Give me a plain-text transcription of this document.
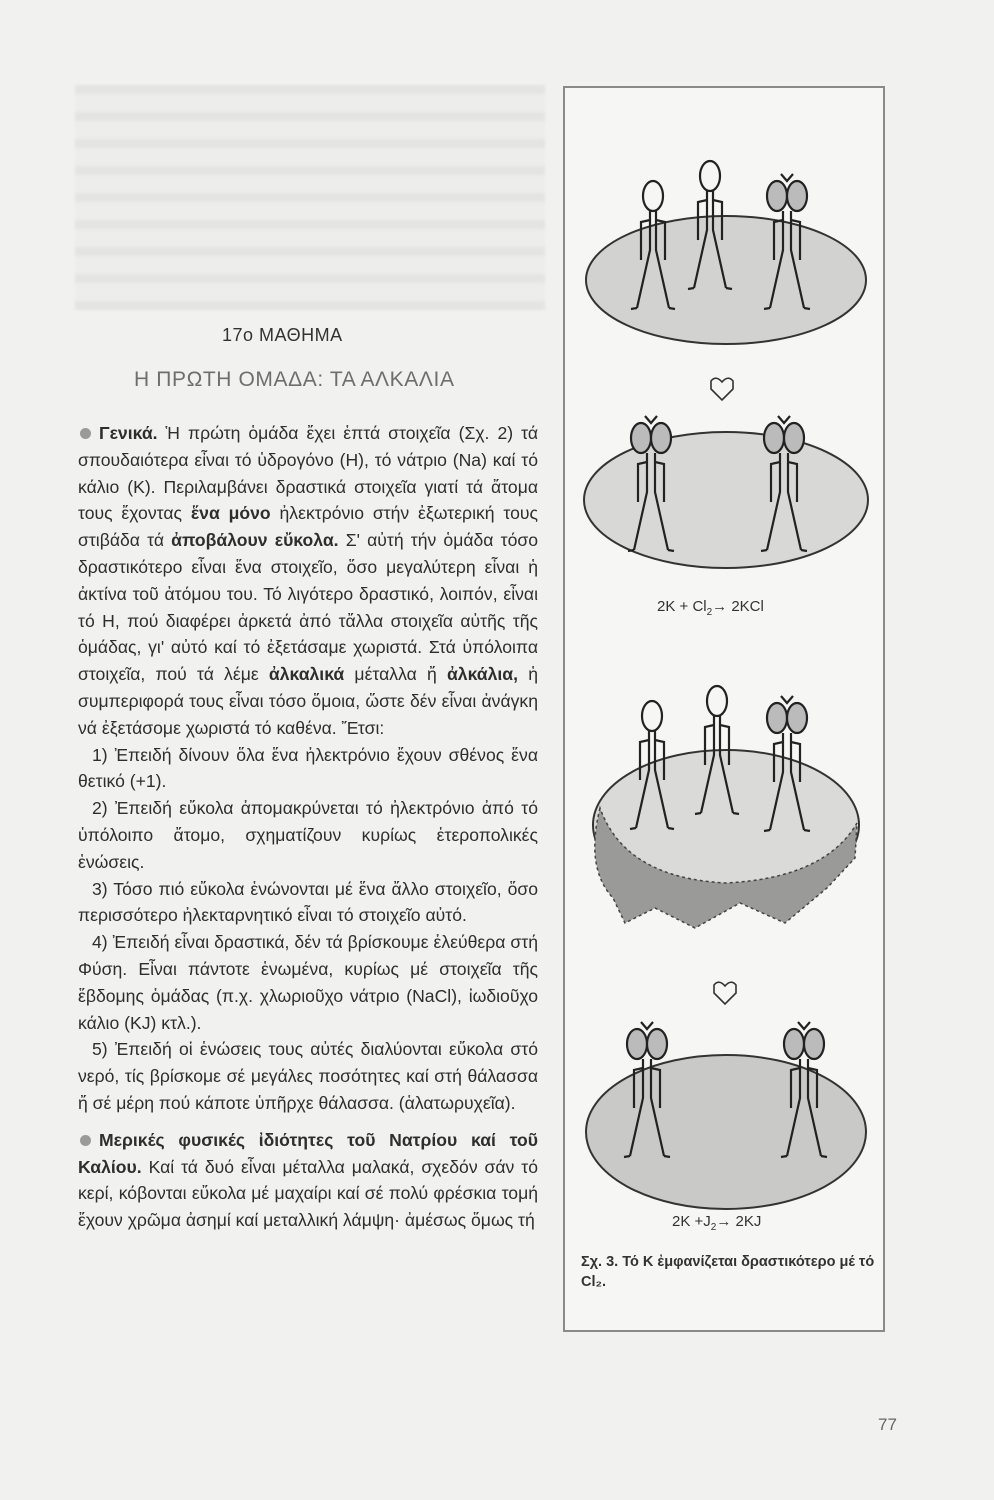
17ο ΜΑΘΗΜΑ
Η ΠΡΩΤΗ ΟΜΑΔΑ: ΤΑ ΑΛΚΑΛΙΑ

Γενικά. Ἡ πρώτη ὁμάδα ἔχει ἑπτά στοιχεῖα (Σχ. 2) τά σπουδαιότερα εἶναι τό ὑδρογόνο (Η), τό νάτριο (Na) καί τό κάλιο (Κ). Περιλαμβάνει δραστικά στοιχεῖα γιατί τά ἄτομα τους ἔχοντας ἕνα μόνο ἠλεκτρόνιο στήν ἐξωτερική τους στιβάδα τά ἀποβάλουν εὔκολα. Σ' αὐτή τήν ὁμάδα τόσο δραστικότερο εἶναι ἕνα στοιχεῖο, ὅσο μεγαλύτερη εἶναι ἡ ἀκτίνα τοῦ ἀτόμου του. Τό λιγότερο δραστικό, λοιπόν, εἶναι τό Η, πού διαφέρει ἀρκετά ἀπό τἄλλα στοιχεῖα αὐτῆς τῆς ὁμάδας, γι' αὐτό καί τό ἐξετάσαμε χωριστά. Στά ὑπόλοιπα στοιχεῖα, πού τά λέμε ἀλκαλικά μέταλλα ἤ ἀλκάλια, ἡ συμπεριφορά τους εἶναι τόσο ὅμοια, ὥστε δέν εἶναι ἀνάγκη νά ἐξετάσομε χωριστά τό καθένα. Ἔτσι:

1) Ἐπειδή δίνουν ὅλα ἕνα ἠλεκτρόνιο ἔχουν σθένος ἕνα θετικό (+1).

2) Ἐπειδή εὔκολα ἀπομακρύνεται τό ἠλεκτρόνιο ἀπό τό ὑπόλοιπο ἄτομο, σχηματίζουν κυρίως ἑτεροπολικές ἑνώσεις.

3) Τόσο πιό εὔκολα ἑνώνονται μέ ἕνα ἄλλο στοιχεῖο, ὅσο περισσότερο ἠλεκταρνητικό εἶναι τό στοιχεῖο αὐτό.

4) Ἐπειδή εἶναι δραστικά, δέν τά βρίσκουμε ἐλεύθερα στή Φύση. Εἶναι πάντοτε ἑνωμένα, κυρίως μέ στοιχεῖα τῆς ἕβδομης ὁμάδας (π.χ. χλωριοῦχο νάτριο (NaCl), ἰωδιοῦχο κάλιο (KJ) κτλ.).

5) Ἐπειδή οἱ ἑνώσεις τους αὐτές διαλύονται εὔκολα στό νερό, τίς βρίσκομε σέ μεγάλες ποσότητες καί στή θάλασσα ἤ σέ μέρη πού κάποτε ὑπῆρχε θάλασσα. (ἁλατωρυχεῖα).

Μερικές φυσικές ἰδιότητες τοῦ Νατρίου καί τοῦ Καλίου. Καί τά δυό εἶναι μέταλλα μαλακά, σχεδόν σάν τό κερί, κόβονται εὔκολα μέ μαχαίρι καί σέ πολύ φρέσκια τομή ἔχουν χρῶμα ἀσημί καί μεταλλική λάμψη· ἀμέσως ὅμως τή

$2K + Cl_2\to 2KCl$
$2K +J_2\to 2KJ$
Σχ. 3. Τό K ἐμφανίζεται δραστικότερο μέ τό Cl₂.
77
